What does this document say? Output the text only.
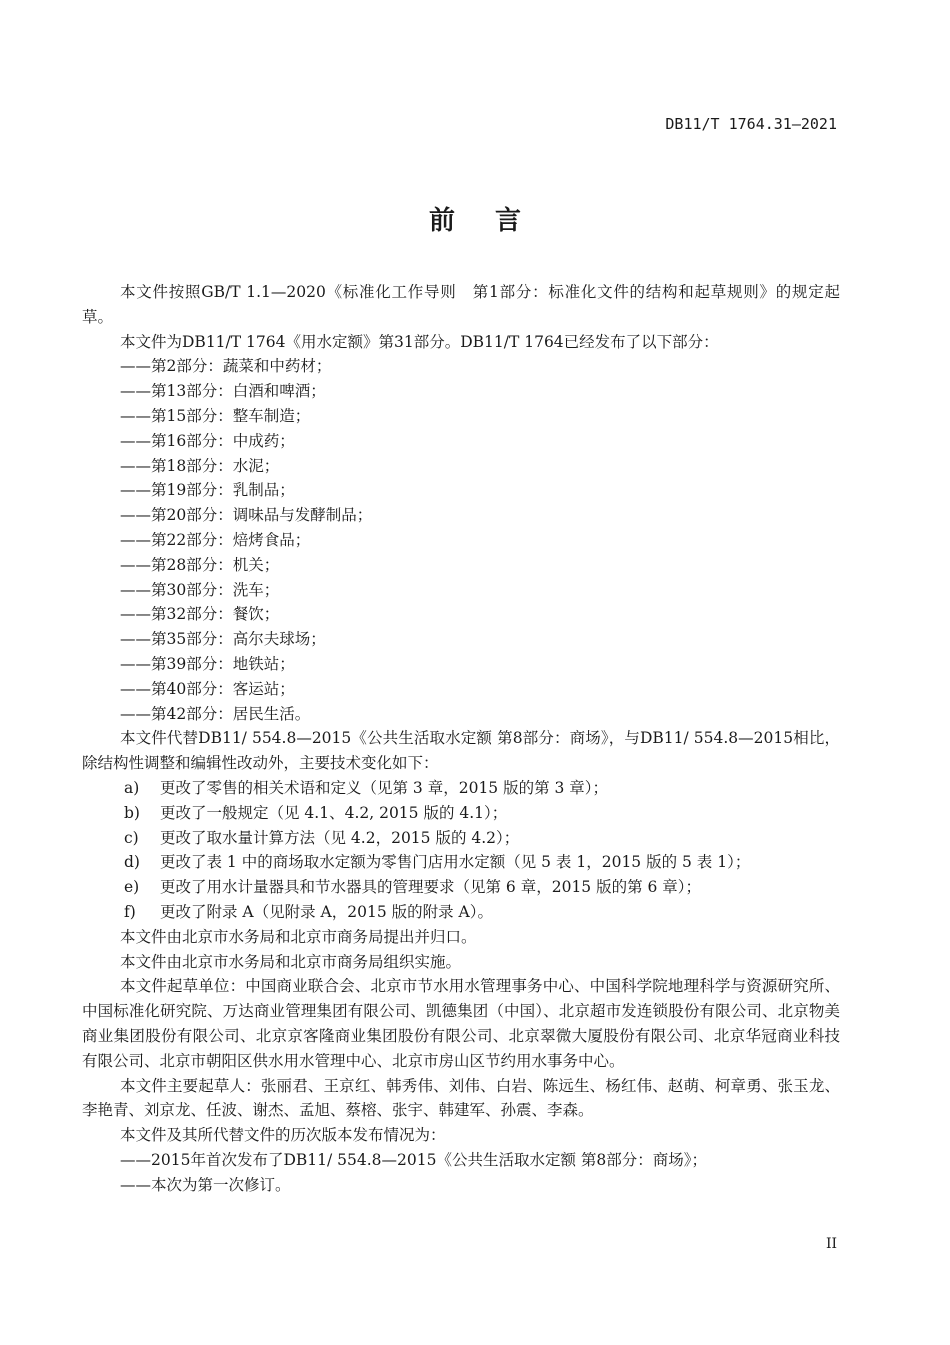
DB11/T 1764.31—2021
前言

本文件按照GB/T 1.1—2020《标准化工作导则　第1部分：标准化文件的结构和起草规则》的规定起草。

本文件为DB11/T 1764《用水定额》第31部分。DB11/T 1764已经发布了以下部分：

——第2部分：蔬菜和中药材；

——第13部分：白酒和啤酒；

——第15部分：整车制造；

——第16部分：中成药；

——第18部分：水泥；

——第19部分：乳制品；

——第20部分：调味品与发酵制品；

——第22部分：焙烤食品；

——第28部分：机关；

——第30部分：洗车；

——第32部分：餐饮；

——第35部分：高尔夫球场；

——第39部分：地铁站；

——第40部分：客运站；

——第42部分：居民生活。

本文件代替DB11/ 554.8—2015《公共生活取水定额 第8部分：商场》，与DB11/ 554.8—2015相比，除结构性调整和编辑性改动外，主要技术变化如下：

a) 更改了零售的相关术语和定义（见第 3 章，2015 版的第 3 章）；

b) 更改了一般规定（见 4.1、4.2, 2015 版的 4.1）；

c) 更改了取水量计算方法（见 4.2，2015 版的 4.2）；

d) 更改了表 1 中的商场取水定额为零售门店用水定额（见 5 表 1，2015 版的 5 表 1）；

e) 更改了用水计量器具和节水器具的管理要求（见第 6 章，2015 版的第 6 章）；

f) 更改了附录 A（见附录 A，2015 版的附录 A）。

本文件由北京市水务局和北京市商务局提出并归口。

本文件由北京市水务局和北京市商务局组织实施。

本文件起草单位：中国商业联合会、北京市节水用水管理事务中心、中国科学院地理科学与资源研究所、中国标准化研究院、万达商业管理集团有限公司、凯德集团（中国）、北京超市发连锁股份有限公司、北京物美商业集团股份有限公司、北京京客隆商业集团股份有限公司、北京翠微大厦股份有限公司、北京华冠商业科技有限公司、北京市朝阳区供水用水管理中心、北京市房山区节约用水事务中心。

本文件主要起草人：张丽君、王京红、韩秀伟、刘伟、白岩、陈远生、杨红伟、赵萌、柯章勇、张玉龙、李艳青、刘京龙、任波、谢杰、孟旭、蔡榕、张宇、韩建军、孙震、李森。

本文件及其所代替文件的历次版本发布情况为：

——2015年首次发布了DB11/ 554.8—2015《公共生活取水定额 第8部分：商场》；

——本次为第一次修订。

II
